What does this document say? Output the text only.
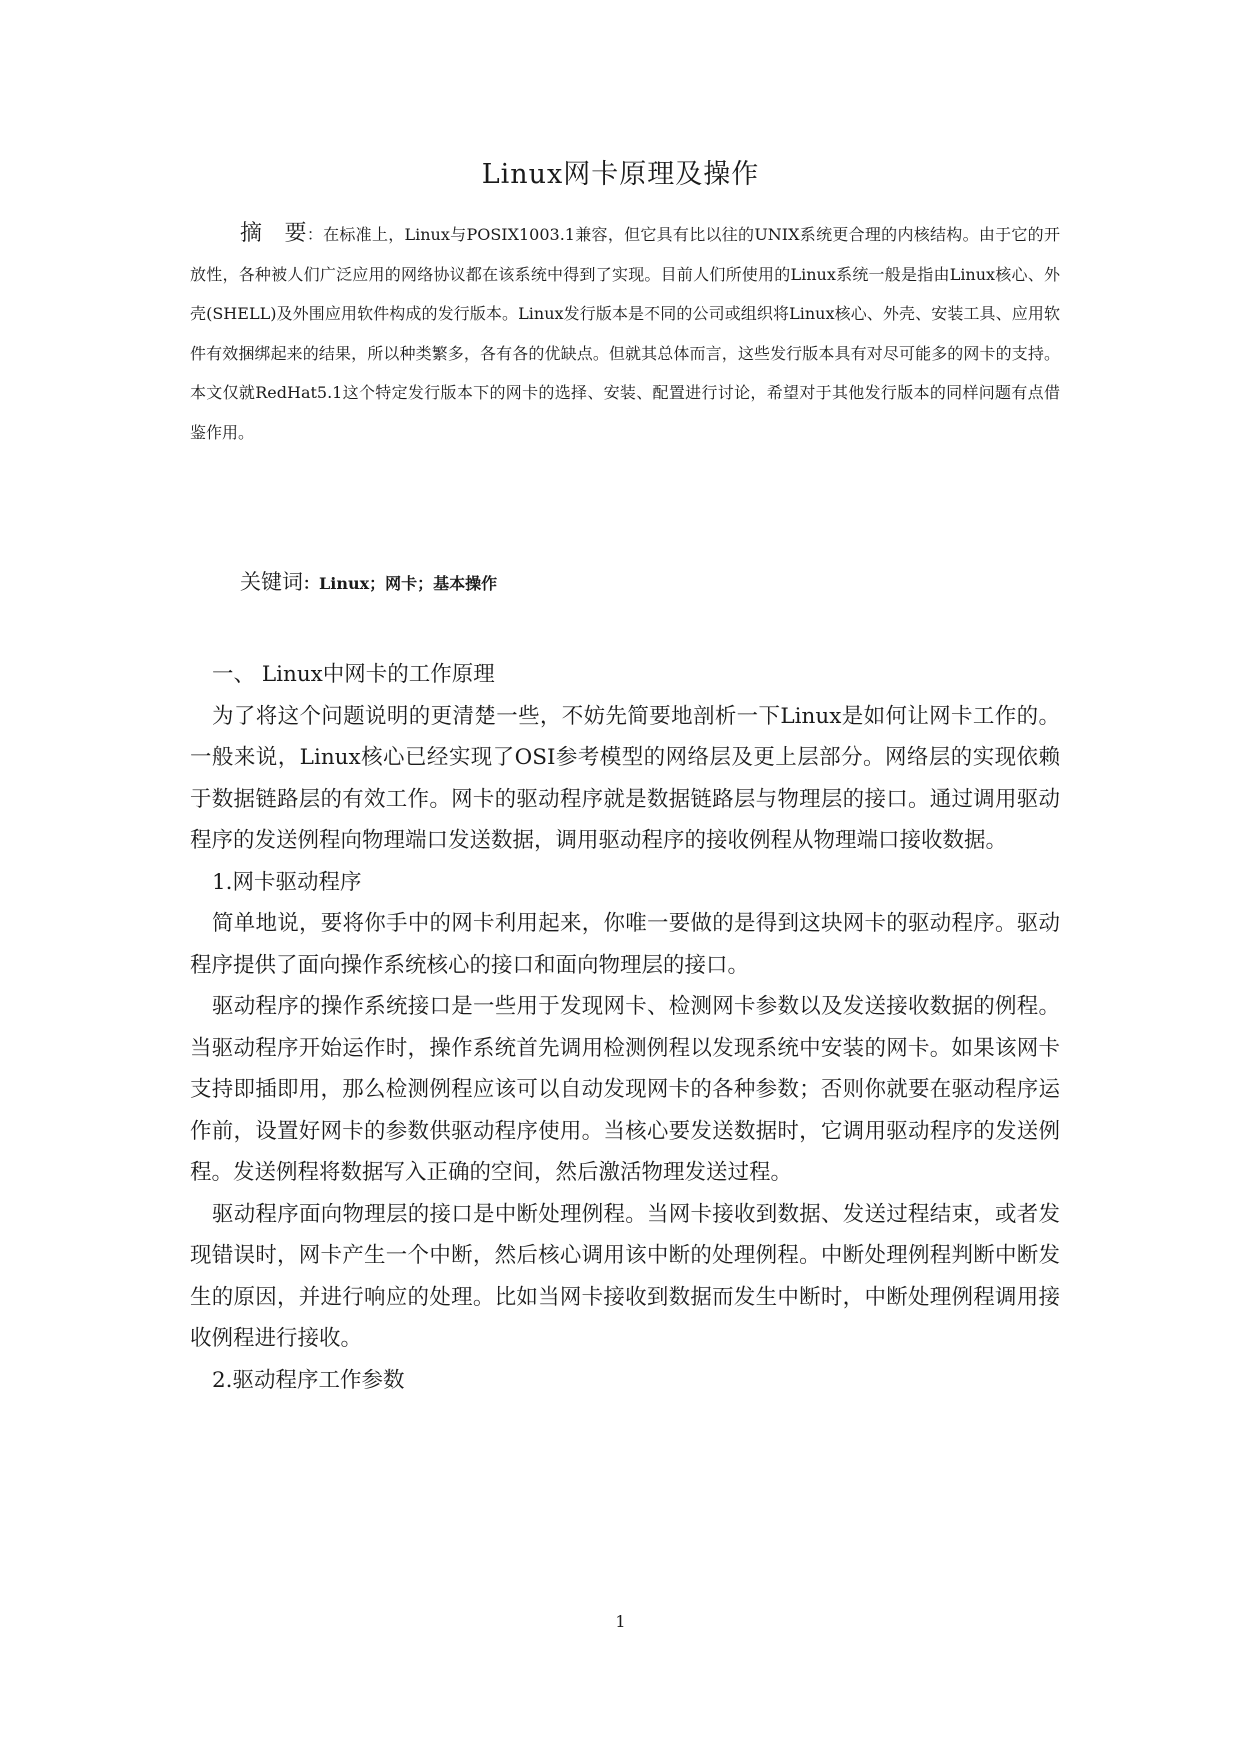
Linux网卡原理及操作
摘 要：在标准上，Linux与POSIX1003.1兼容，但它具有比以往的UNIX系统更合理的内核结构。由于它的开放性，各种被人们广泛应用的网络协议都在该系统中得到了实现。目前人们所使用的Linux系统一般是指由Linux核心、外壳(SHELL)及外围应用软件构成的发行版本。Linux发行版本是不同的公司或组织将Linux核心、外壳、安装工具、应用软件有效捆绑起来的结果，所以种类繁多，各有各的优缺点。但就其总体而言，这些发行版本具有对尽可能多的网卡的支持。本文仅就RedHat5.1这个特定发行版本下的网卡的选择、安装、配置进行讨论，希望对于其他发行版本的同样问题有点借鉴作用。
关键词：Linux；网卡；基本操作

一、 Linux中网卡的工作原理

为了将这个问题说明的更清楚一些，不妨先简要地剖析一下Linux是如何让网卡工作的。一般来说，Linux核心已经实现了OSI参考模型的网络层及更上层部分。网络层的实现依赖于数据链路层的有效工作。网卡的驱动程序就是数据链路层与物理层的接口。通过调用驱动程序的发送例程向物理端口发送数据，调用驱动程序的接收例程从物理端口接收数据。

1.网卡驱动程序

简单地说，要将你手中的网卡利用起来，你唯一要做的是得到这块网卡的驱动程序。驱动程序提供了面向操作系统核心的接口和面向物理层的接口。

驱动程序的操作系统接口是一些用于发现网卡、检测网卡参数以及发送接收数据的例程。当驱动程序开始运作时，操作系统首先调用检测例程以发现系统中安装的网卡。如果该网卡支持即插即用，那么检测例程应该可以自动发现网卡的各种参数；否则你就要在驱动程序运作前，设置好网卡的参数供驱动程序使用。当核心要发送数据时，它调用驱动程序的发送例程。发送例程将数据写入正确的空间，然后激活物理发送过程。

驱动程序面向物理层的接口是中断处理例程。当网卡接收到数据、发送过程结束，或者发现错误时，网卡产生一个中断，然后核心调用该中断的处理例程。中断处理例程判断中断发生的原因，并进行响应的处理。比如当网卡接收到数据而发生中断时，中断处理例程调用接收例程进行接收。

2.驱动程序工作参数

1
